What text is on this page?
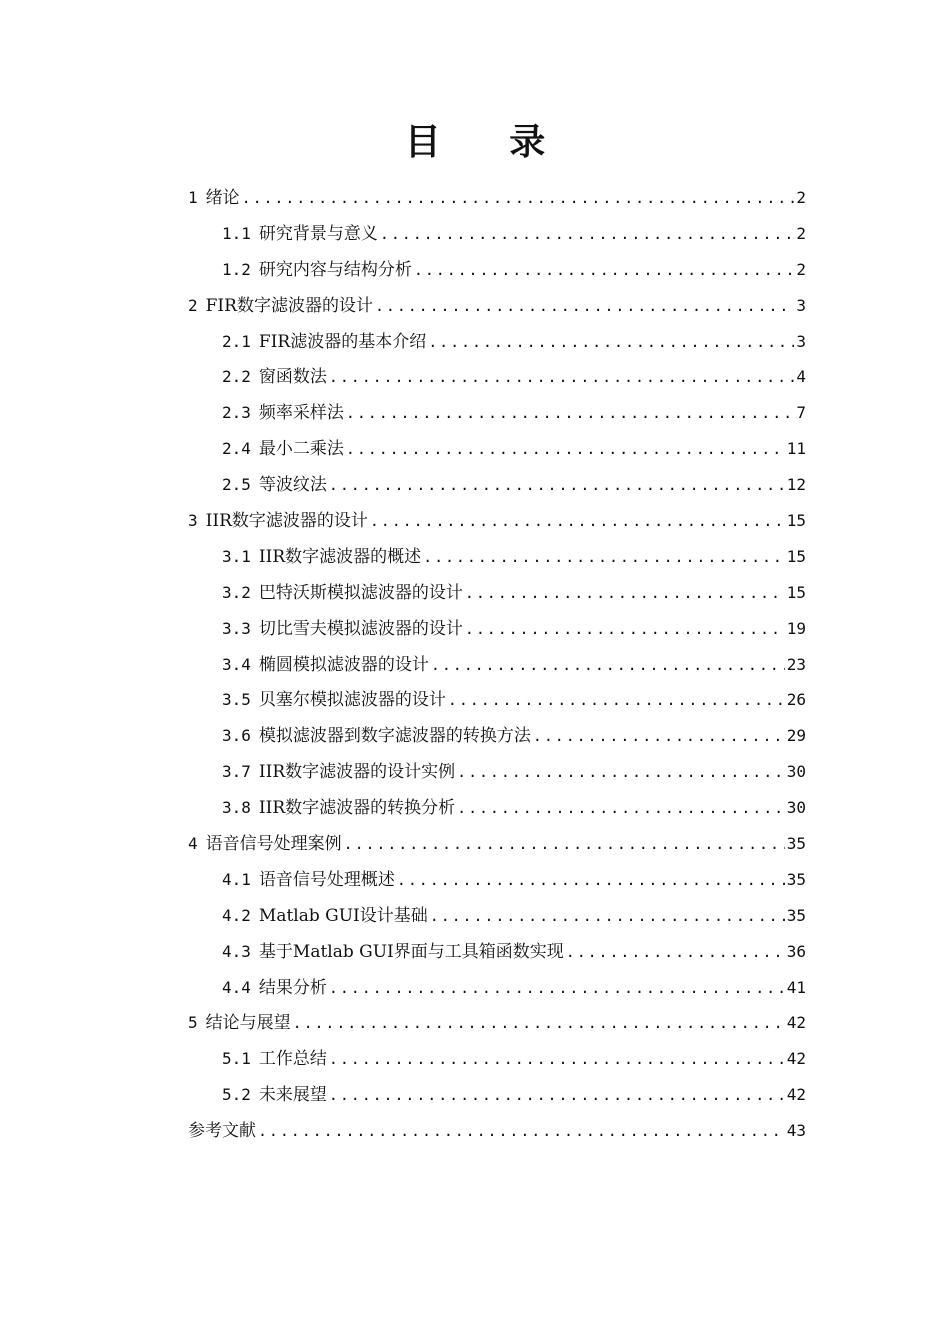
目 录
1 绪论 .....	2
1.1 研究背景与意义 .....	2
1.2 研究内容与结构分析 .....	2
2 FIR数字滤波器的设计 .....	3
2.1 FIR滤波器的基本介绍 .....	3
2.2 窗函数法 .....	4
2.3 频率采样法 .....	7
2.4 最小二乘法 .....	11
2.5 等波纹法 .....	12
3 IIR数字滤波器的设计 .....	15
3.1 IIR数字滤波器的概述 .....	15
3.2 巴特沃斯模拟滤波器的设计 .....	15
3.3 切比雪夫模拟滤波器的设计 .....	19
3.4 椭圆模拟滤波器的设计 .....	23
3.5 贝塞尔模拟滤波器的设计 .....	26
3.6 模拟滤波器到数字滤波器的转换方法 .....	29
3.7 IIR数字滤波器的设计实例 .....	30
3.8 IIR数字滤波器的转换分析 .....	30
4 语音信号处理案例 .....	35
4.1 语音信号处理概述 .....	35
4.2 Matlab GUI设计基础 .....	35
4.3 基于Matlab GUI界面与工具箱函数实现 .....	36
4.4 结果分析 .....	41
5 结论与展望 .....	42
5.1 工作总结 .....	42
5.2 未来展望 .....	42
参考文献 .....	43
